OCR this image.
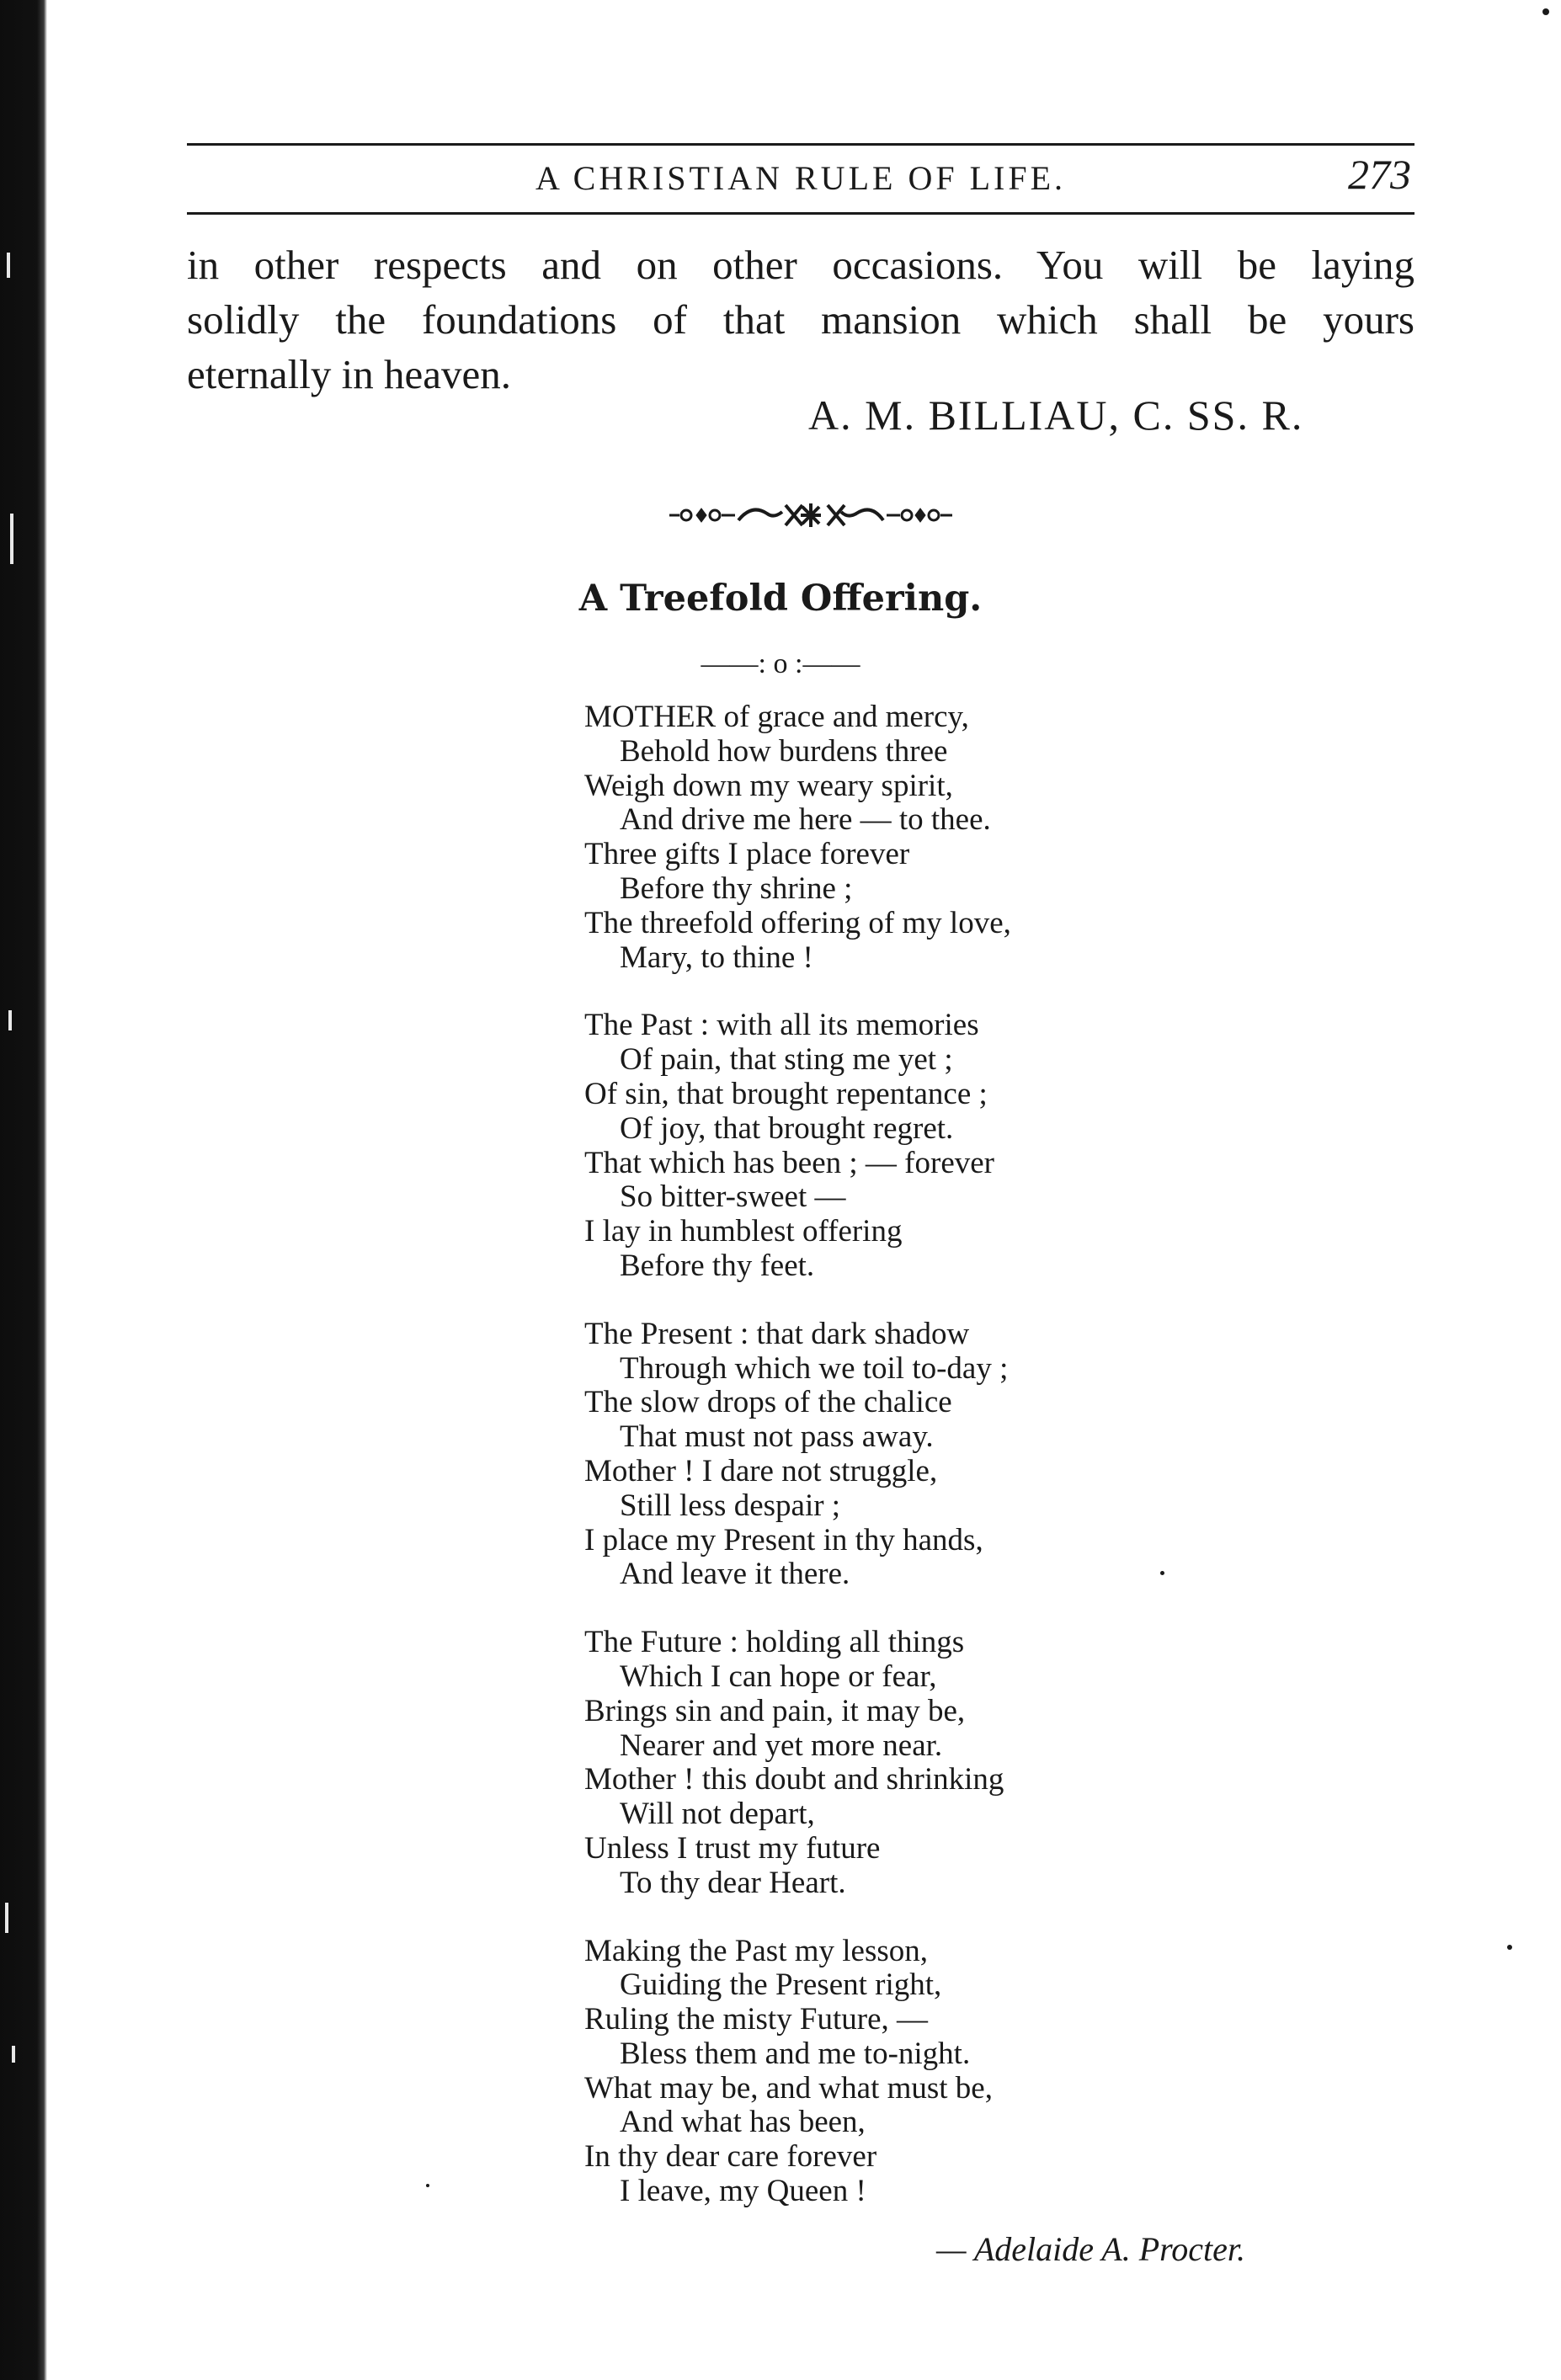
A CHRISTIAN RULE OF LIFE.	273
in other respects and on other occasions. You will be laying
solidly the foundations of that mansion which shall be yours
eternally in heaven.
A. M. BILLIAU, C. SS. R.
A Treefold Offering.
——: o :——
MOTHER of grace and mercy,
Behold how burdens three
Weigh down my weary spirit,
And drive me here — to thee.
Three gifts I place forever
Before thy shrine ;
The threefold offering of my love,
Mary, to thine !
The Past : with all its memories
Of pain, that sting me yet ;
Of sin, that brought repentance ;
Of joy, that brought regret.
That which has been ; — forever
So bitter-sweet —
I lay in humblest offering
Before thy feet.
The Present : that dark shadow
Through which we toil to-day ;
The slow drops of the chalice
That must not pass away.
Mother ! I dare not struggle,
Still less despair ;
I place my Present in thy hands,
And leave it there.
The Future : holding all things
Which I can hope or fear,
Brings sin and pain, it may be,
Nearer and yet more near.
Mother ! this doubt and shrinking
Will not depart,
Unless I trust my future
To thy dear Heart.
Making the Past my lesson,
Guiding the Present right,
Ruling the misty Future, —
Bless them and me to-night.
What may be, and what must be,
And what has been,
In thy dear care forever
I leave, my Queen !
— Adelaide A. Procter.
